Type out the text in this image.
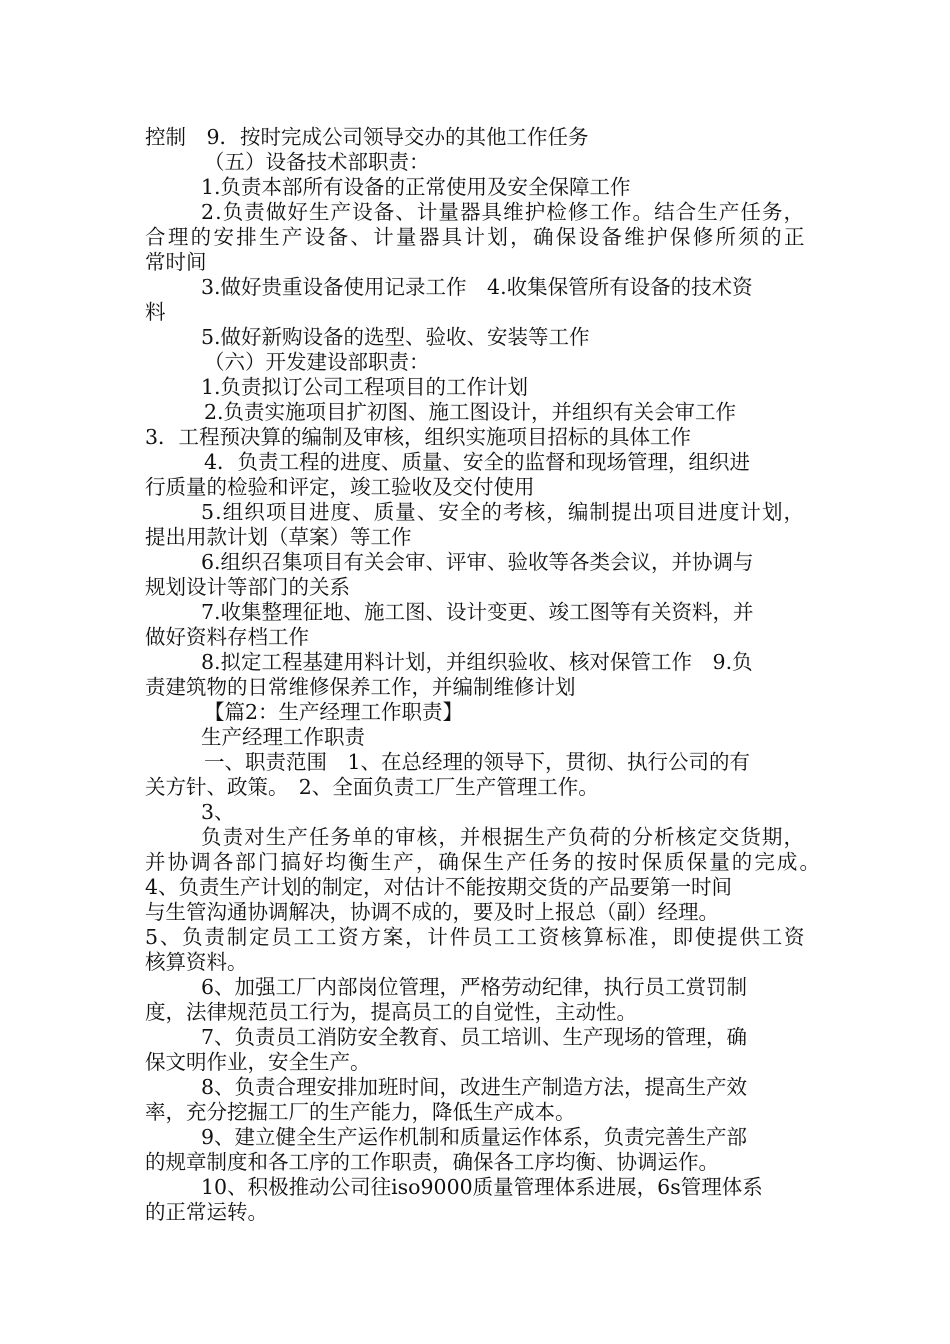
控制　9．按时完成公司领导交办的其他工作任务

（五）设备技术部职责：

1.负责本部所有设备的正常使用及安全保障工作

2.负责做好生产设备、计量器具维护检修工作。结合生产任务，

合理的安排生产设备、计量器具计划，确保设备维护保修所须的正

常时间

3.做好贵重设备使用记录工作　4.收集保管所有设备的技术资

料

5.做好新购设备的选型、验收、安装等工作

（六）开发建设部职责：

1.负责拟订公司工程项目的工作计划

2.负责实施项目扩初图、施工图设计，并组织有关会审工作

3．工程预决算的编制及审核，组织实施项目招标的具体工作

4．负责工程的进度、质量、安全的监督和现场管理，组织进

行质量的检验和评定，竣工验收及交付使用

5.组织项目进度、质量、安全的考核，编制提出项目进度计划，

提出用款计划（草案）等工作

6.组织召集项目有关会审、评审、验收等各类会议，并协调与

规划设计等部门的关系

7.收集整理征地、施工图、设计变更、竣工图等有关资料，并

做好资料存档工作

8.拟定工程基建用料计划，并组织验收、核对保管工作　9.负

责建筑物的日常维修保养工作，并编制维修计划

【篇2：生产经理工作职责】

生产经理工作职责

一、职责范围　1、在总经理的领导下，贯彻、执行公司的有

关方针、政策。　2、全面负责工厂生产管理工作。

3、

负责对生产任务单的审核，并根据生产负荷的分析核定交货期，

并协调各部门搞好均衡生产，确保生产任务的按时保质保量的完成。

4、负责生产计划的制定，对估计不能按期交货的产品要第一时间

与生管沟通协调解决，协调不成的，要及时上报总（副）经理。

5、负责制定员工工资方案，计件员工工资核算标准，即使提供工资

核算资料。

6、加强工厂内部岗位管理，严格劳动纪律，执行员工赏罚制

度，法律规范员工行为，提高员工的自觉性，主动性。

7、负责员工消防安全教育、员工培训、生产现场的管理，确

保文明作业，安全生产。

8、负责合理安排加班时间，改进生产制造方法，提高生产效

率，充分挖掘工厂的生产能力，降低生产成本。

9、建立健全生产运作机制和质量运作体系，负责完善生产部

的规章制度和各工序的工作职责，确保各工序均衡、协调运作。

10、积极推动公司往iso9000质量管理体系进展，6s管理体系

的正常运转。
